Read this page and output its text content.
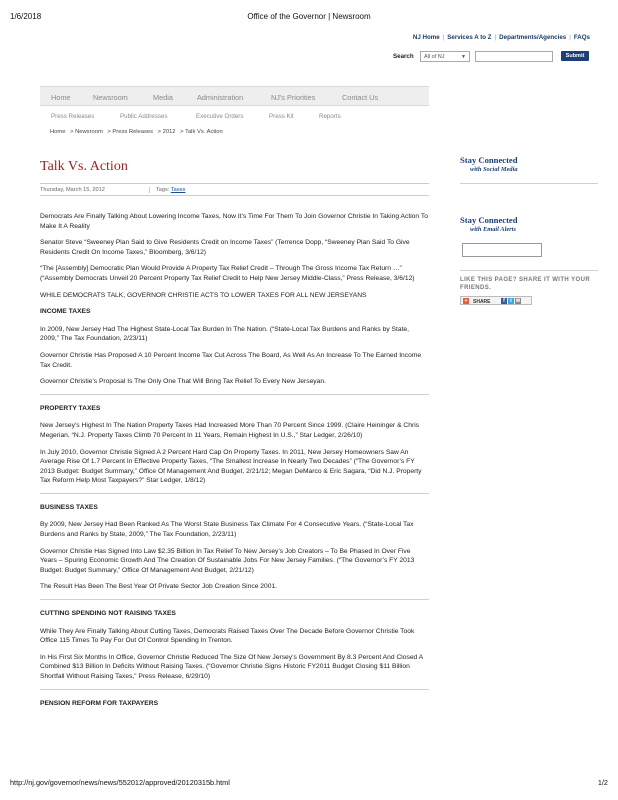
1/6/2018	Office of the Governor | Newsroom
NJ Home | Services A to Z | Departments/Agencies | FAQs
Search	All of NJ	▼	Submit
Home	Newsroom	Media	Administration	NJ's Priorities	Contact Us
Press Releases	Public Addresses	Executive Orders	Press Kit	Reports
Home > Newsroom > Press Releases > 2012 > Talk Vs. Action
Talk Vs. Action
Thursday, March 15, 2012	Tags: Taxes

Democrats Are Finally Talking About Lowering Income Taxes, Now It’s Time For Them To Join Governor Christie In Taking Action To Make It A Reality

Senator Steve “Sweeney Plan Said to Give Residents Credit on Income Taxes” (Terrence Dopp, “Sweeney Plan Said To Give Residents Credit On Income Taxes,” Bloomberg, 3/6/12)

“The [Assembly] Democratic Plan Would Provide A Property Tax Relief Credit – Through The Gross Income Tax Return …” (“Assembly Democrats Unveil 20 Percent Property Tax Relief Credit to Help New Jersey Middle-Class,” Press Release, 3/6/12)

WHILE DEMOCRATS TALK, GOVERNOR CHRISTIE ACTS TO LOWER TAXES FOR ALL NEW JERSEYANS

INCOME TAXES

In 2009, New Jersey Had The Highest State-Local Tax Burden In The Nation. (“State-Local Tax Burdens and Ranks by State, 2009,” The Tax Foundation, 2/23/11)

Governor Christie Has Proposed A 10 Percent Income Tax Cut Across The Board, As Well As An Increase To The Earned Income Tax Credit.

Governor Christie’s Proposal Is The Only One That Will Bring Tax Relief To Every New Jerseyan.

PROPERTY TAXES

New Jersey’s Highest In The Nation Property Taxes Had Increased More Than 70 Percent Since 1999. (Claire Heininger & Chris Megerian, “N.J. Property Taxes Climb 70 Percent In 11 Years, Remain Highest In U.S.,” Star Ledger, 2/26/10)

In July 2010, Governor Christie Signed A 2 Percent Hard Cap On Property Taxes. In 2011, New Jersey Homeowners Saw An Average Rise Of 1.7 Percent In Effective Property Taxes, “The Smallest Increase In Nearly Two Decades” (“The Governor’s FY 2013 Budget: Budget Summary,” Office Of Management And Budget, 2/21/12; Megan DeMarco & Eric Sagara, “Did N.J. Property Tax Reform Help Most Taxpayers?” Star Ledger, 1/8/12)

BUSINESS TAXES

By 2009, New Jersey Had Been Ranked As The Worst State Business Tax Climate For 4 Consecutive Years. (“State-Local Tax Burdens and Ranks by State, 2009,” The Tax Foundation, 2/23/11)

Governor Christie Has Signed Into Law $2.35 Billion In Tax Relief To New Jersey’s Job Creators – To Be Phased In Over Five Years – Spuring Economic Growth And The Creation Of Sustainable Jobs For New Jersey Families. (“The Governor’s FY 2013 Budget: Budget Summary,” Office Of Management And Budget, 2/21/12)

The Result Has Been The Best Year Of Private Sector Job Creation Since 2001.

CUTTING SPENDING NOT RAISING TAXES

While They Are Finally Talking About Cutting Taxes, Democrats Raised Taxes Over The Decade Before Governor Christie Took Office 115 Times To Pay For Out Of Control Spending In Trenton.

In His First Six Months In Office, Governor Christie Reduced The Size Of New Jersey’s Government By 8.3 Percent And Closed A Combined $13 Billion In Deficits Without Raising Taxes. (“Governor Christie Signs Historic FY2011 Budget Closing $11 Billion Shortfall Without Raising Taxes,” Press Release, 6/29/10)

PENSION REFORM FOR TAXPAYERS
Stay Connected
with Social Media
Stay Connected
with Email Alerts
LIKE THIS PAGE? SHARE IT WITH YOUR FRIENDS.
+	SHARE	f t ✉
http://nj.gov/governor/news/news/552012/approved/20120315b.html	1/2
